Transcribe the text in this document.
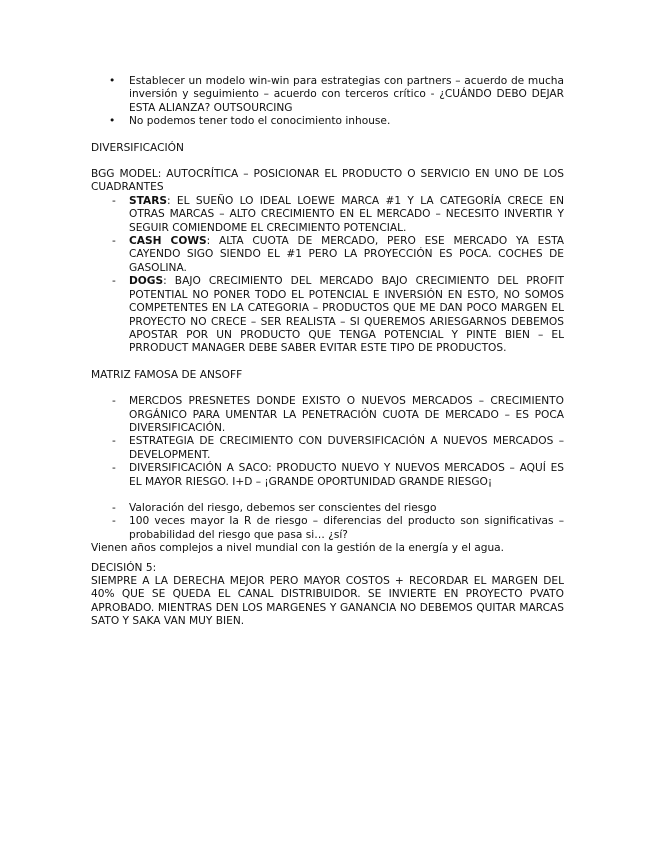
• Establecer un modelo win-win para estrategias con partners – acuerdo de mucha inversión y seguimiento – acuerdo con terceros crítico - ¿CUÁNDO DEBO DEJAR ESTA ALIANZA? OUTSOURCING
• No podemos tener todo el conocimiento inhouse.

DIVERSIFICACIÓN

BGG MODEL: AUTOCRÍTICA – POSICIONAR EL PRODUCTO O SERVICIO EN UNO DE LOS CUADRANTES

- STARS: EL SUEÑO LO IDEAL LOEWE MARCA #1 Y LA CATEGORÍA CRECE EN OTRAS MARCAS – ALTO CRECIMIENTO EN EL MERCADO – NECESITO INVERTIR Y SEGUIR COMIENDOME EL CRECIMIENTO POTENCIAL.
- CASH COWS: ALTA CUOTA DE MERCADO, PERO ESE MERCADO YA ESTA CAYENDO SIGO SIENDO EL #1 PERO LA PROYECCIÓN ES POCA. COCHES DE GASOLINA.
- DOGS: BAJO CRECIMIENTO DEL MERCADO BAJO CRECIMIENTO DEL PROFIT POTENTIAL NO PONER TODO EL POTENCIAL E INVERSIÓN EN ESTO, NO SOMOS COMPETENTES EN LA CATEGORIA – PRODUCTOS QUE ME DAN POCO MARGEN EL PROYECTO NO CRECE – SER REALISTA – SI QUEREMOS ARIESGARNOS DEBEMOS APOSTAR POR UN PRODUCTO QUE TENGA POTENCIAL Y PINTE BIEN – EL PRRODUCT MANAGER DEBE SABER EVITAR ESTE TIPO DE PRODUCTOS.

MATRIZ FAMOSA DE ANSOFF

- MERCDOS PRESNETES DONDE EXISTO O NUEVOS MERCADOS – CRECIMIENTO ORGÁNICO PARA UMENTAR LA PENETRACIÓN CUOTA DE MERCADO – ES POCA DIVERSIFICACIÓN.
- ESTRATEGIA DE CRECIMIENTO CON DUVERSIFICACIÓN A NUEVOS MERCADOS – DEVELOPMENT.
- DIVERSIFICACIÓN A SACO: PRODUCTO NUEVO Y NUEVOS MERCADOS – AQUÍ ES EL MAYOR RIESGO. I+D – ¡GRANDE OPORTUNIDAD GRANDE RIESGO¡
- Valoración del riesgo, debemos ser conscientes del riesgo
- 100 veces mayor la R de riesgo – diferencias del producto son significativas – probabilidad del riesgo que pasa si… ¿sí?

Vienen años complejos a nivel mundial con la gestión de la energía y el agua.

DECISIÓN 5:

SIEMPRE A LA DERECHA MEJOR PERO MAYOR COSTOS + RECORDAR EL MARGEN DEL 40% QUE SE QUEDA EL CANAL DISTRIBUIDOR. SE INVIERTE EN PROYECTO PVATO APROBADO. MIENTRAS DEN LOS MARGENES Y GANANCIA NO DEBEMOS QUITAR MARCAS SATO Y SAKA VAN MUY BIEN.
